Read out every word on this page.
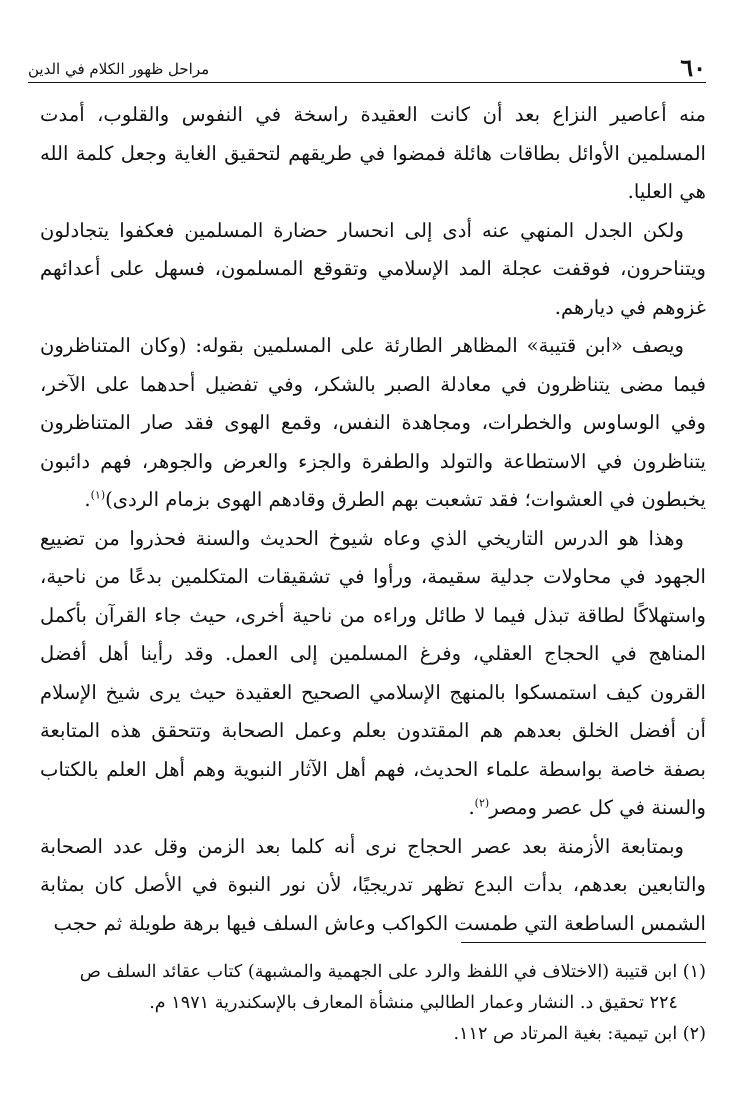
٦٠
مراحل ظهور الكلام في الدين

منه أعاصير النزاع بعد أن كانت العقيدة راسخة في النفوس والقلوب، أمدت المسلمين الأوائل بطاقات هائلة فمضوا في طريقهم لتحقيق الغاية وجعل كلمة الله هي العليا.

ولكن الجدل المنهي عنه أدى إلى انحسار حضارة المسلمين فعكفوا يتجادلون ويتناحرون، فوقفت عجلة المد الإسلامي وتقوقع المسلمون، فسهل على أعدائهم غزوهم في ديارهم.

ويصف «ابن قتيبة» المظاهر الطارئة على المسلمين بقوله: (وكان المتناظرون فيما مضى يتناظرون في معادلة الصبر بالشكر، وفي تفضيل أحدهما على الآخر، وفي الوساوس والخطرات، ومجاهدة النفس، وقمع الهوى فقد صار المتناظرون يتناظرون في الاستطاعة والتولد والطفرة والجزء والعرض والجوهر، فهم دائبون يخبطون في العشوات؛ فقد تشعبت بهم الطرق وقادهم الهوى بزمام الردى)$^{(١)}$.

وهذا هو الدرس التاريخي الذي وعاه شيوخ الحديث والسنة فحذروا من تضييع الجهود في محاولات جدلية سقيمة، ورأوا في تشقيقات المتكلمين بدعًا من ناحية، واستهلاكًا لطاقة تبذل فيما لا طائل وراءه من ناحية أخرى، حيث جاء القرآن بأكمل المناهج في الحجاج العقلي، وفرغ المسلمين إلى العمل. وقد رأينا أهل أفضل القرون كيف استمسكوا بالمنهج الإسلامي الصحيح العقيدة حيث يرى شيخ الإسلام أن أفضل الخلق بعدهم هم المقتدون بعلم وعمل الصحابة وتتحقق هذه المتابعة بصفة خاصة بواسطة علماء الحديث، فهم أهل الآثار النبوية وهم أهل العلم بالكتاب والسنة في كل عصر ومصر$^{(٢)}$.

وبمتابعة الأزمنة بعد عصر الحجاج نرى أنه كلما بعد الزمن وقل عدد الصحابة والتابعين بعدهم، بدأت البدع تظهر تدريجيًا، لأن نور النبوة في الأصل كان بمثابة الشمس الساطعة التي طمست الكواكب وعاش السلف فيها برهة طويلة ثم حجب

(١) ابن قتيبة (الاختلاف في اللفظ والرد على الجهمية والمشبهة) كتاب عقائد السلف ص

٢٢٤ تحقيق د. النشار وعمار الطالبي منشأة المعارف بالإسكندرية ١٩٧١ م.

(٢) ابن تيمية: بغية المرتاد ص ١١٢.
